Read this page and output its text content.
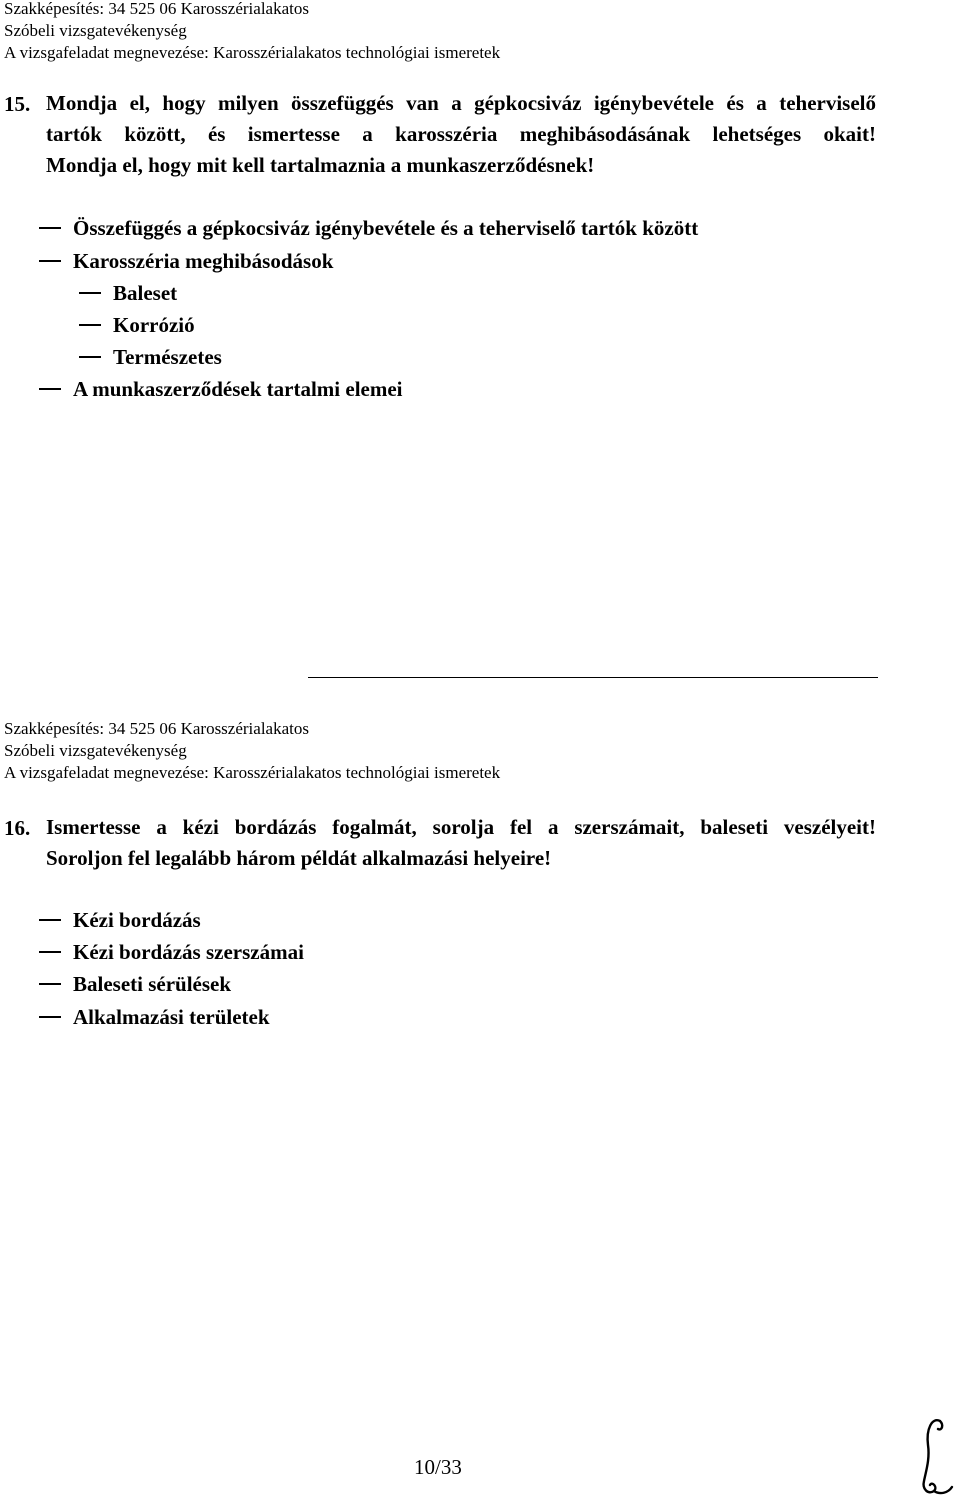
Szakképesítés: 34 525 06 Karosszérialakatos
Szóbeli vizsgatevékenység
A vizsgafeladat megnevezése: Karosszérialakatos technológiai ismeretek
15. Mondja el, hogy milyen összefüggés van a gépkocsiváz igénybevétele és a teherviselő
tartók között, és ismertesse a karosszéria meghibásodásának lehetséges okait!
Mondja el, hogy mit kell tartalmaznia a munkaszerződésnek!
Összefüggés a gépkocsiváz igénybevétele és a teherviselő tartók között
Karosszéria meghibásodások
Baleset
Korrózió
Természetes
A munkaszerződések tartalmi elemei
Szakképesítés: 34 525 06 Karosszérialakatos
Szóbeli vizsgatevékenység
A vizsgafeladat megnevezése: Karosszérialakatos technológiai ismeretek
16. Ismertesse a kézi bordázás fogalmát, sorolja fel a szerszámait, baleseti veszélyeit!
Soroljon fel legalább három példát alkalmazási helyeire!
Kézi bordázás
Kézi bordázás szerszámai
Baleseti sérülések
Alkalmazási területek
10/33
